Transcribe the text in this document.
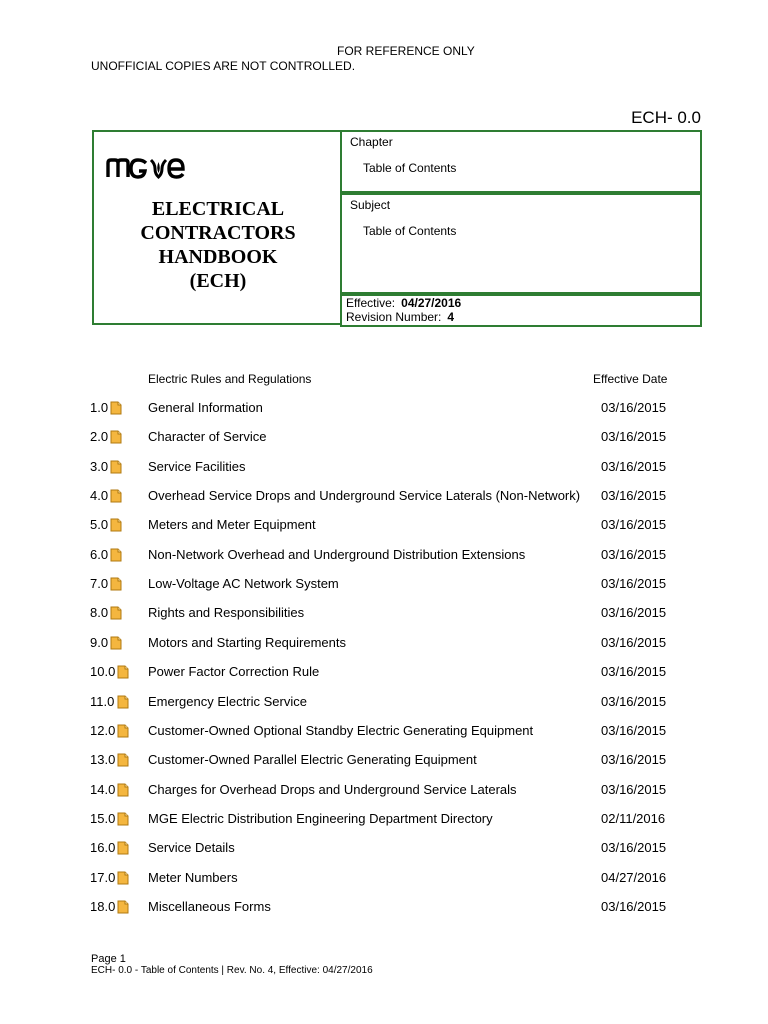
FOR REFERENCE ONLY
UNOFFICIAL COPIES ARE NOT CONTROLLED.
ECH- 0.0
ELECTRICAL
CONTRACTORS
HANDBOOK
(ECH)
Chapter
Table of Contents
Subject
Table of Contents
Effective: 04/27/2016
Revision Number: 4
Electric Rules and Regulations	Effective Date
1.0	General Information	03/16/2015
2.0	Character of Service	03/16/2015
3.0	Service Facilities	03/16/2015
4.0	Overhead Service Drops and Underground Service Laterals (Non-Network) 03/16/2015
5.0	Meters and Meter Equipment	03/16/2015
6.0	Non-Network Overhead and Underground Distribution Extensions	03/16/2015
7.0	Low-Voltage AC Network System	03/16/2015
8.0	Rights and Responsibilities	03/16/2015
9.0	Motors and Starting Requirements	03/16/2015
10.0	Power Factor Correction Rule	03/16/2015
11.0	Emergency Electric Service	03/16/2015
12.0	Customer-Owned Optional Standby Electric Generating Equipment	03/16/2015
13.0	Customer-Owned Parallel Electric Generating Equipment	03/16/2015
14.0	Charges for Overhead Drops and Underground Service Laterals	03/16/2015
15.0	MGE Electric Distribution Engineering Department Directory	02/11/2016
16.0	Service Details	03/16/2015
17.0	Meter Numbers	04/27/2016
18.0	Miscellaneous Forms	03/16/2015
Page 1
ECH- 0.0 - Table of Contents | Rev. No. 4, Effective: 04/27/2016
